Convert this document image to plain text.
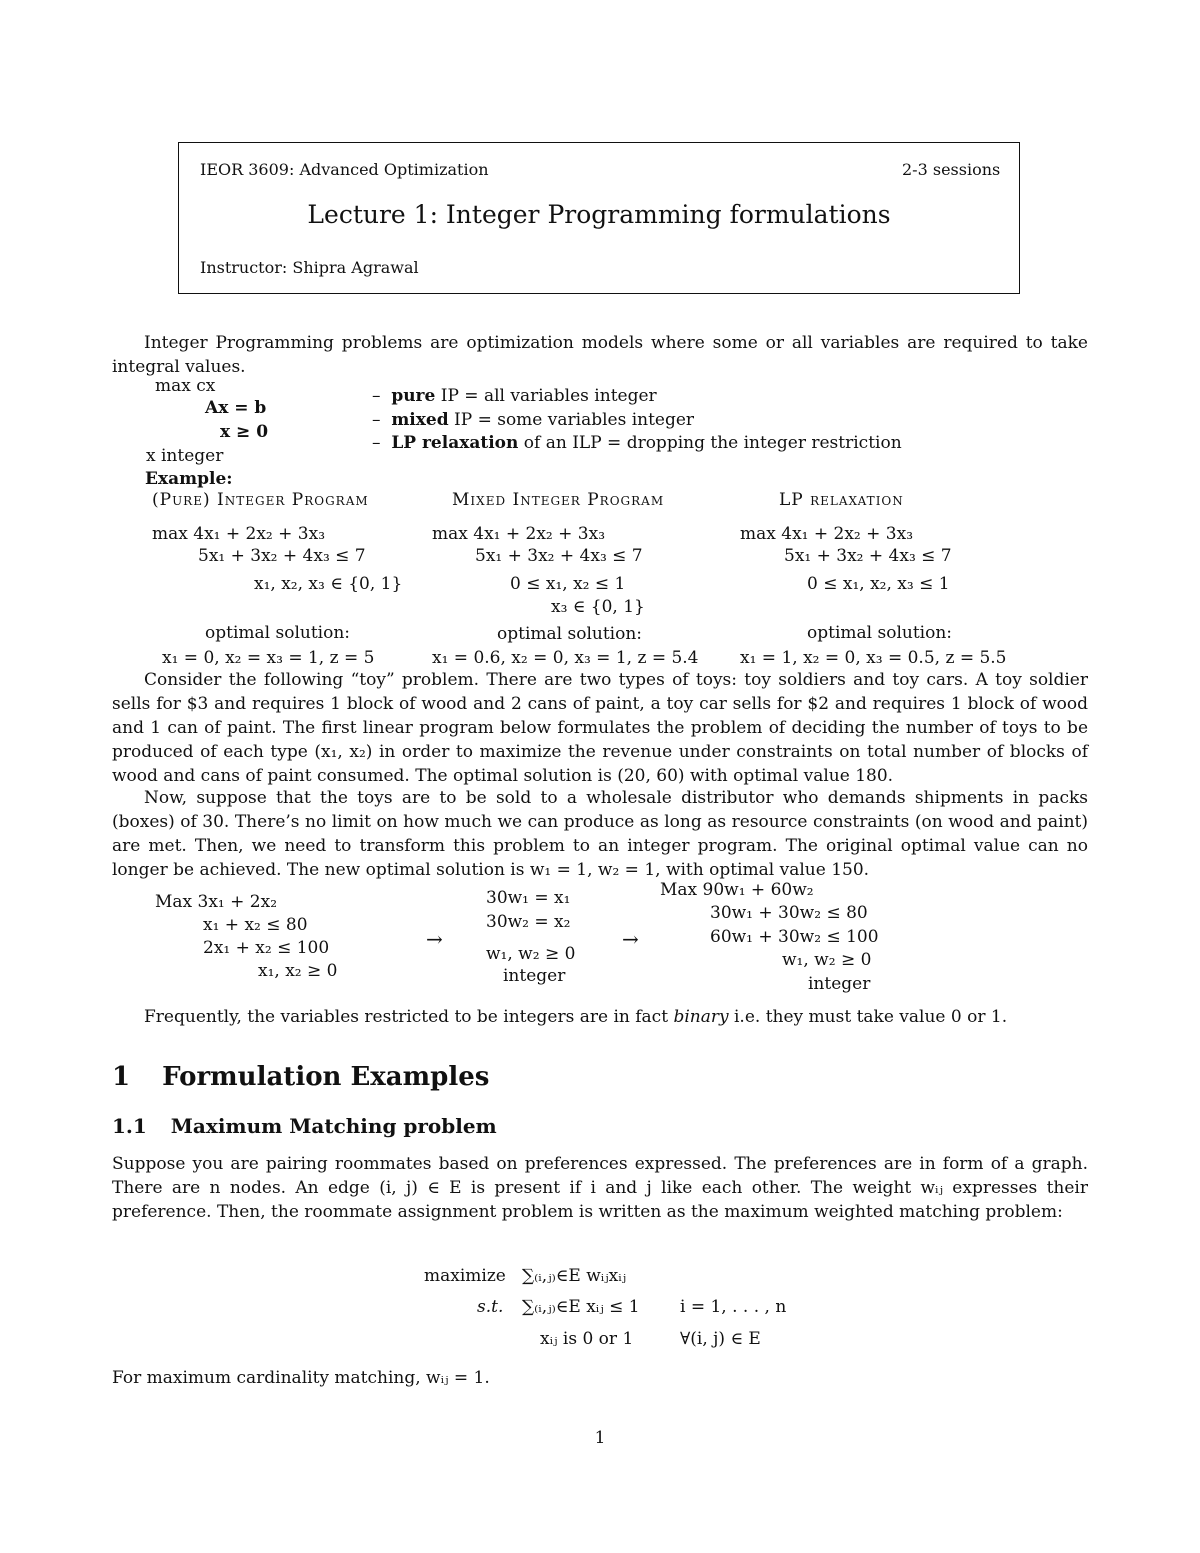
IEOR 3609: Advanced Optimization	2-3 sessions
Lecture 1: Integer Programming formulations
Instructor: Shipra Agrawal
Integer Programming problems are optimization models where some or all variables are required to take integral values.
max cx
Ax = b
x ≥ 0
x integer
–  pure IP = all variables integer
–  mixed IP = some variables integer
–  LP relaxation of an ILP = dropping the integer restriction
Example:
(Pure) Integer Program
max 4x₁ + 2x₂ + 3x₃
5x₁ + 3x₂ + 4x₃ ≤ 7
x₁, x₂, x₃ ∈ {0, 1}
optimal solution:
x₁ = 0, x₂ = x₃ = 1, z = 5
Mixed Integer Program
max 4x₁ + 2x₂ + 3x₃
5x₁ + 3x₂ + 4x₃ ≤ 7
0 ≤ x₁, x₂ ≤ 1
x₃ ∈ {0, 1}
optimal solution:
x₁ = 0.6, x₂ = 0, x₃ = 1, z = 5.4
LP relaxation
max 4x₁ + 2x₂ + 3x₃
5x₁ + 3x₂ + 4x₃ ≤ 7
0 ≤ x₁, x₂, x₃ ≤ 1
optimal solution:
x₁ = 1, x₂ = 0, x₃ = 0.5, z = 5.5
Consider the following “toy” problem. There are two types of toys: toy soldiers and toy cars. A toy soldier sells for $3 and requires 1 block of wood and 2 cans of paint, a toy car sells for $2 and requires 1 block of wood and 1 can of paint. The first linear program below formulates the problem of deciding the number of toys to be produced of each type (x₁, x₂) in order to maximize the revenue under constraints on total number of blocks of wood and cans of paint consumed. The optimal solution is (20, 60) with optimal value 180.
Now, suppose that the toys are to be sold to a wholesale distributor who demands shipments in packs (boxes) of 30. There’s no limit on how much we can produce as long as resource constraints (on wood and paint) are met. Then, we need to transform this problem to an integer program. The original optimal value can no longer be achieved. The new optimal solution is w₁ = 1, w₂ = 1, with optimal value 150.
Max 3x₁ + 2x₂
x₁ + x₂ ≤ 80
2x₁ + x₂ ≤ 100
x₁, x₂ ≥ 0
→
30w₁ = x₁
30w₂ = x₂
w₁, w₂ ≥ 0
integer
→
Max 90w₁ + 60w₂
30w₁ + 30w₂ ≤ 80
60w₁ + 30w₂ ≤ 100
w₁, w₂ ≥ 0
integer
Frequently, the variables restricted to be integers are in fact binary i.e. they must take value 0 or 1.
1 Formulation Examples
1.1 Maximum Matching problem
Suppose you are pairing roommates based on preferences expressed. The preferences are in form of a graph. There are n nodes. An edge (i, j) ∈ E is present if i and j like each other. The weight wᵢⱼ expresses their preference. Then, the roommate assignment problem is written as the maximum weighted matching problem:
maximize ∑₍ᵢ,ⱼ₎∈E wᵢⱼxᵢⱼ
s.t. ∑₍ᵢ,ⱼ₎∈E xᵢⱼ ≤ 1 i = 1, . . . , n
xᵢⱼ is 0 or 1	∀(i, j) ∈ E
For maximum cardinality matching, wᵢⱼ = 1.
1
